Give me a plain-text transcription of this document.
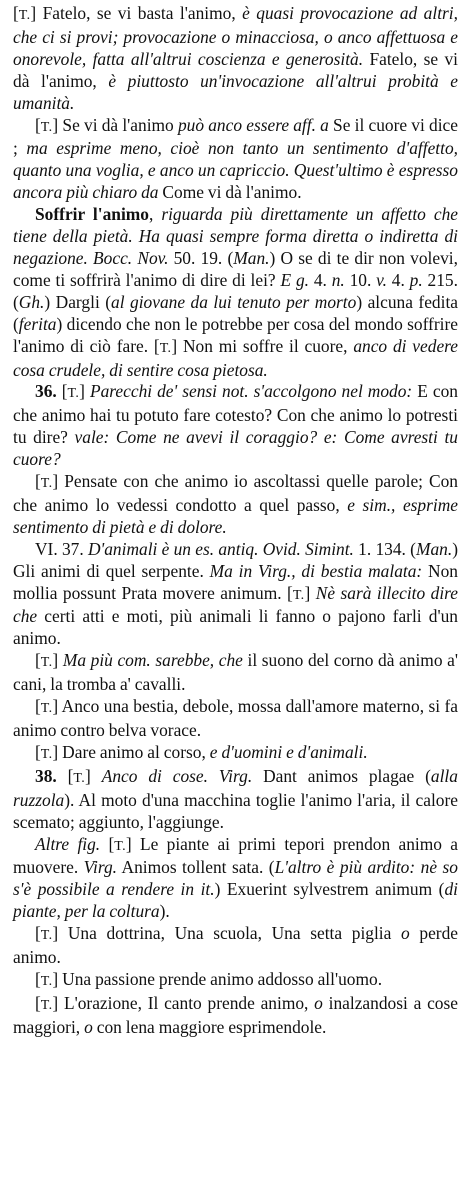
[T.] Fatelo, se vi basta l'animo, è quasi provocazione ad altri, che ci si provi; provocazione o minacciosa, o anco affettuosa e onorevole, fatta all'altrui coscienza e generosità. Fatelo, se vi dà l'animo, è piuttosto un'invocazione all'altrui probità e umanità.

[T.] Se vi dà l'animo può anco essere aff. a Se il cuore vi dice ; ma esprime meno, cioè non tanto un sentimento d'affetto, quanto una voglia, e anco un capriccio. Quest'ultimo è espresso ancora più chiaro da Come vi dà l'animo.

Soffrir l'animo, riguarda più direttamente un affetto che tiene della pietà. Ha quasi sempre forma diretta o indiretta di negazione. Bocc. Nov. 50. 19. (Man.) O se di te dir non volevi, come ti soffrirà l'animo di dire di lei? E g. 4. n. 10. v. 4. p. 215. (Gh.) Dargli (al giovane da lui tenuto per morto) alcuna fedita (ferita) dicendo che non le potrebbe per cosa del mondo soffrire l'animo di ciò fare. [T.] Non mi soffre il cuore, anco di vedere cosa crudele, di sentire cosa pietosa.

36. [T.] Parecchi de' sensi not. s'accolgono nel modo: E con che animo hai tu potuto fare cotesto? Con che animo lo potresti tu dire? vale: Come ne avevi il coraggio? e: Come avresti tu cuore?

[T.] Pensate con che animo io ascoltassi quelle parole; Con che animo lo vedessi condotto a quel passo, e sim., esprime sentimento di pietà e di dolore.

VI. 37. D'animali è un es. antiq. Ovid. Simint. 1. 134. (Man.) Gli animi di quel serpente. Ma in Virg., di bestia malata: Non mollia possunt Prata movere animum. [T.] Nè sarà illecito dire che certi atti e moti, più animali li fanno o pajono farli d'un animo.

[T.] Ma più com. sarebbe, che il suono del corno dà animo a' cani, la tromba a' cavalli.

[T.] Anco una bestia, debole, mossa dall'amore materno, si fa animo contro belva vorace.

[T.] Dare animo al corso, e d'uomini e d'animali.

38. [T.] Anco di cose. Virg. Dant animos plagae (alla ruzzola). Al moto d'una macchina toglie l'animo l'aria, il calore scemato; aggiunto, l'aggiunge.

Altre fig. [T.] Le piante ai primi tepori prendon animo a muovere. Virg. Animos tollent sata. (L'altro è più ardito: nè so s'è possibile a rendere in it.) Exuerint sylvestrem animum (di piante, per la coltura).

[T.] Una dottrina, Una scuola, Una setta piglia o perde animo.

[T.] Una passione prende animo addosso all'uomo.

[T.] L'orazione, Il canto prende animo, o inalzandosi a cose maggiori, o con lena maggiore esprimendole.
